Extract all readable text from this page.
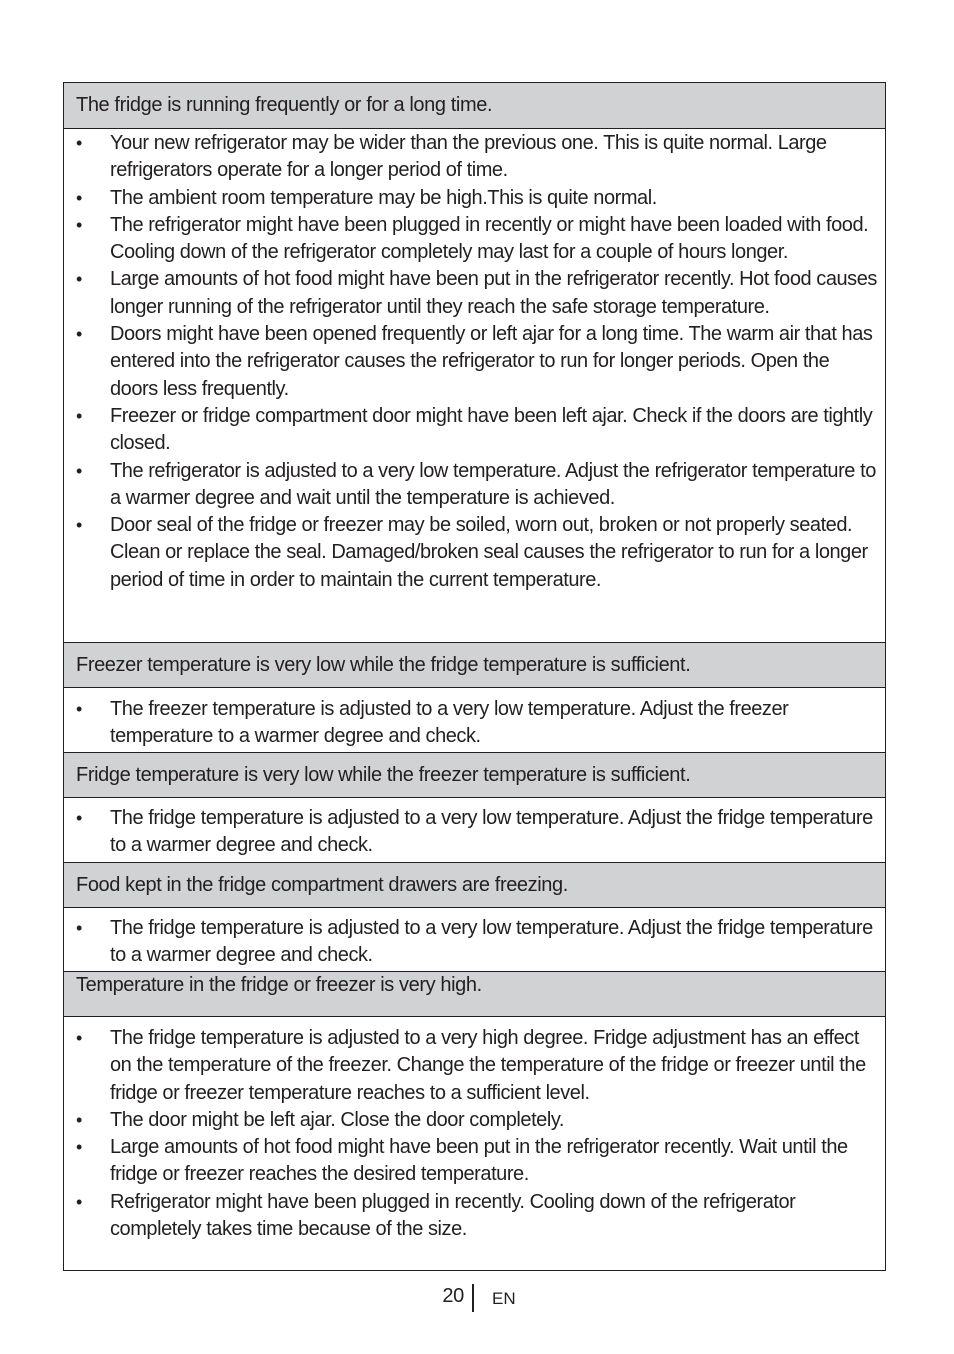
The fridge is running frequently or for a long time.
• Your new refrigerator may be wider than the previous one. This is quite normal. Large refrigerators operate for a longer period of time.
• The ambient room temperature may be high.This is quite normal.
• The refrigerator might have been plugged in recently or might have been loaded with food. Cooling down of the refrigerator completely may last for a couple of hours longer.
• Large amounts of hot food might have been put in the refrigerator recently. Hot food causes longer running of the refrigerator until they reach the safe storage temperature.
• Doors might have been opened frequently or left ajar for a long time. The warm air that has entered into the refrigerator causes the refrigerator to run for longer periods. Open the doors less frequently.
• Freezer or fridge compartment door might have been left ajar. Check if the doors are tightly closed.
• The refrigerator is adjusted to a very low temperature. Adjust the refrigerator temperature to a warmer degree and wait until the temperature is achieved.
• Door seal of the fridge or freezer may be soiled, worn out, broken or not properly seated. Clean or replace the seal. Damaged/broken seal causes the refrigerator to run for a longer period of time in order to maintain the current temperature.
Freezer temperature is very low while the fridge temperature is sufficient.
• The freezer temperature is adjusted to a very low temperature. Adjust the freezer temperature to a warmer degree and check.
Fridge temperature is very low while the freezer temperature is sufficient.
• The fridge temperature is adjusted to a very low temperature. Adjust the fridge temperature to a warmer degree and check.
Food kept in the fridge compartment drawers are freezing.
• The fridge temperature is adjusted to a very low temperature. Adjust the fridge temperature to a warmer degree and check.
Temperature in the fridge or freezer is very high.
• The fridge temperature is adjusted to a very high degree. Fridge adjustment has an effect on the temperature of the freezer. Change the temperature of the fridge or freezer until the fridge or freezer temperature reaches to a sufficient level.
• The door might be left ajar. Close the door completely.
• Large amounts of hot food might have been put in the refrigerator recently. Wait until the fridge or freezer reaches the desired temperature.
• Refrigerator might have been plugged in recently. Cooling down of the refrigerator completely takes time because of the size.
20 EN
